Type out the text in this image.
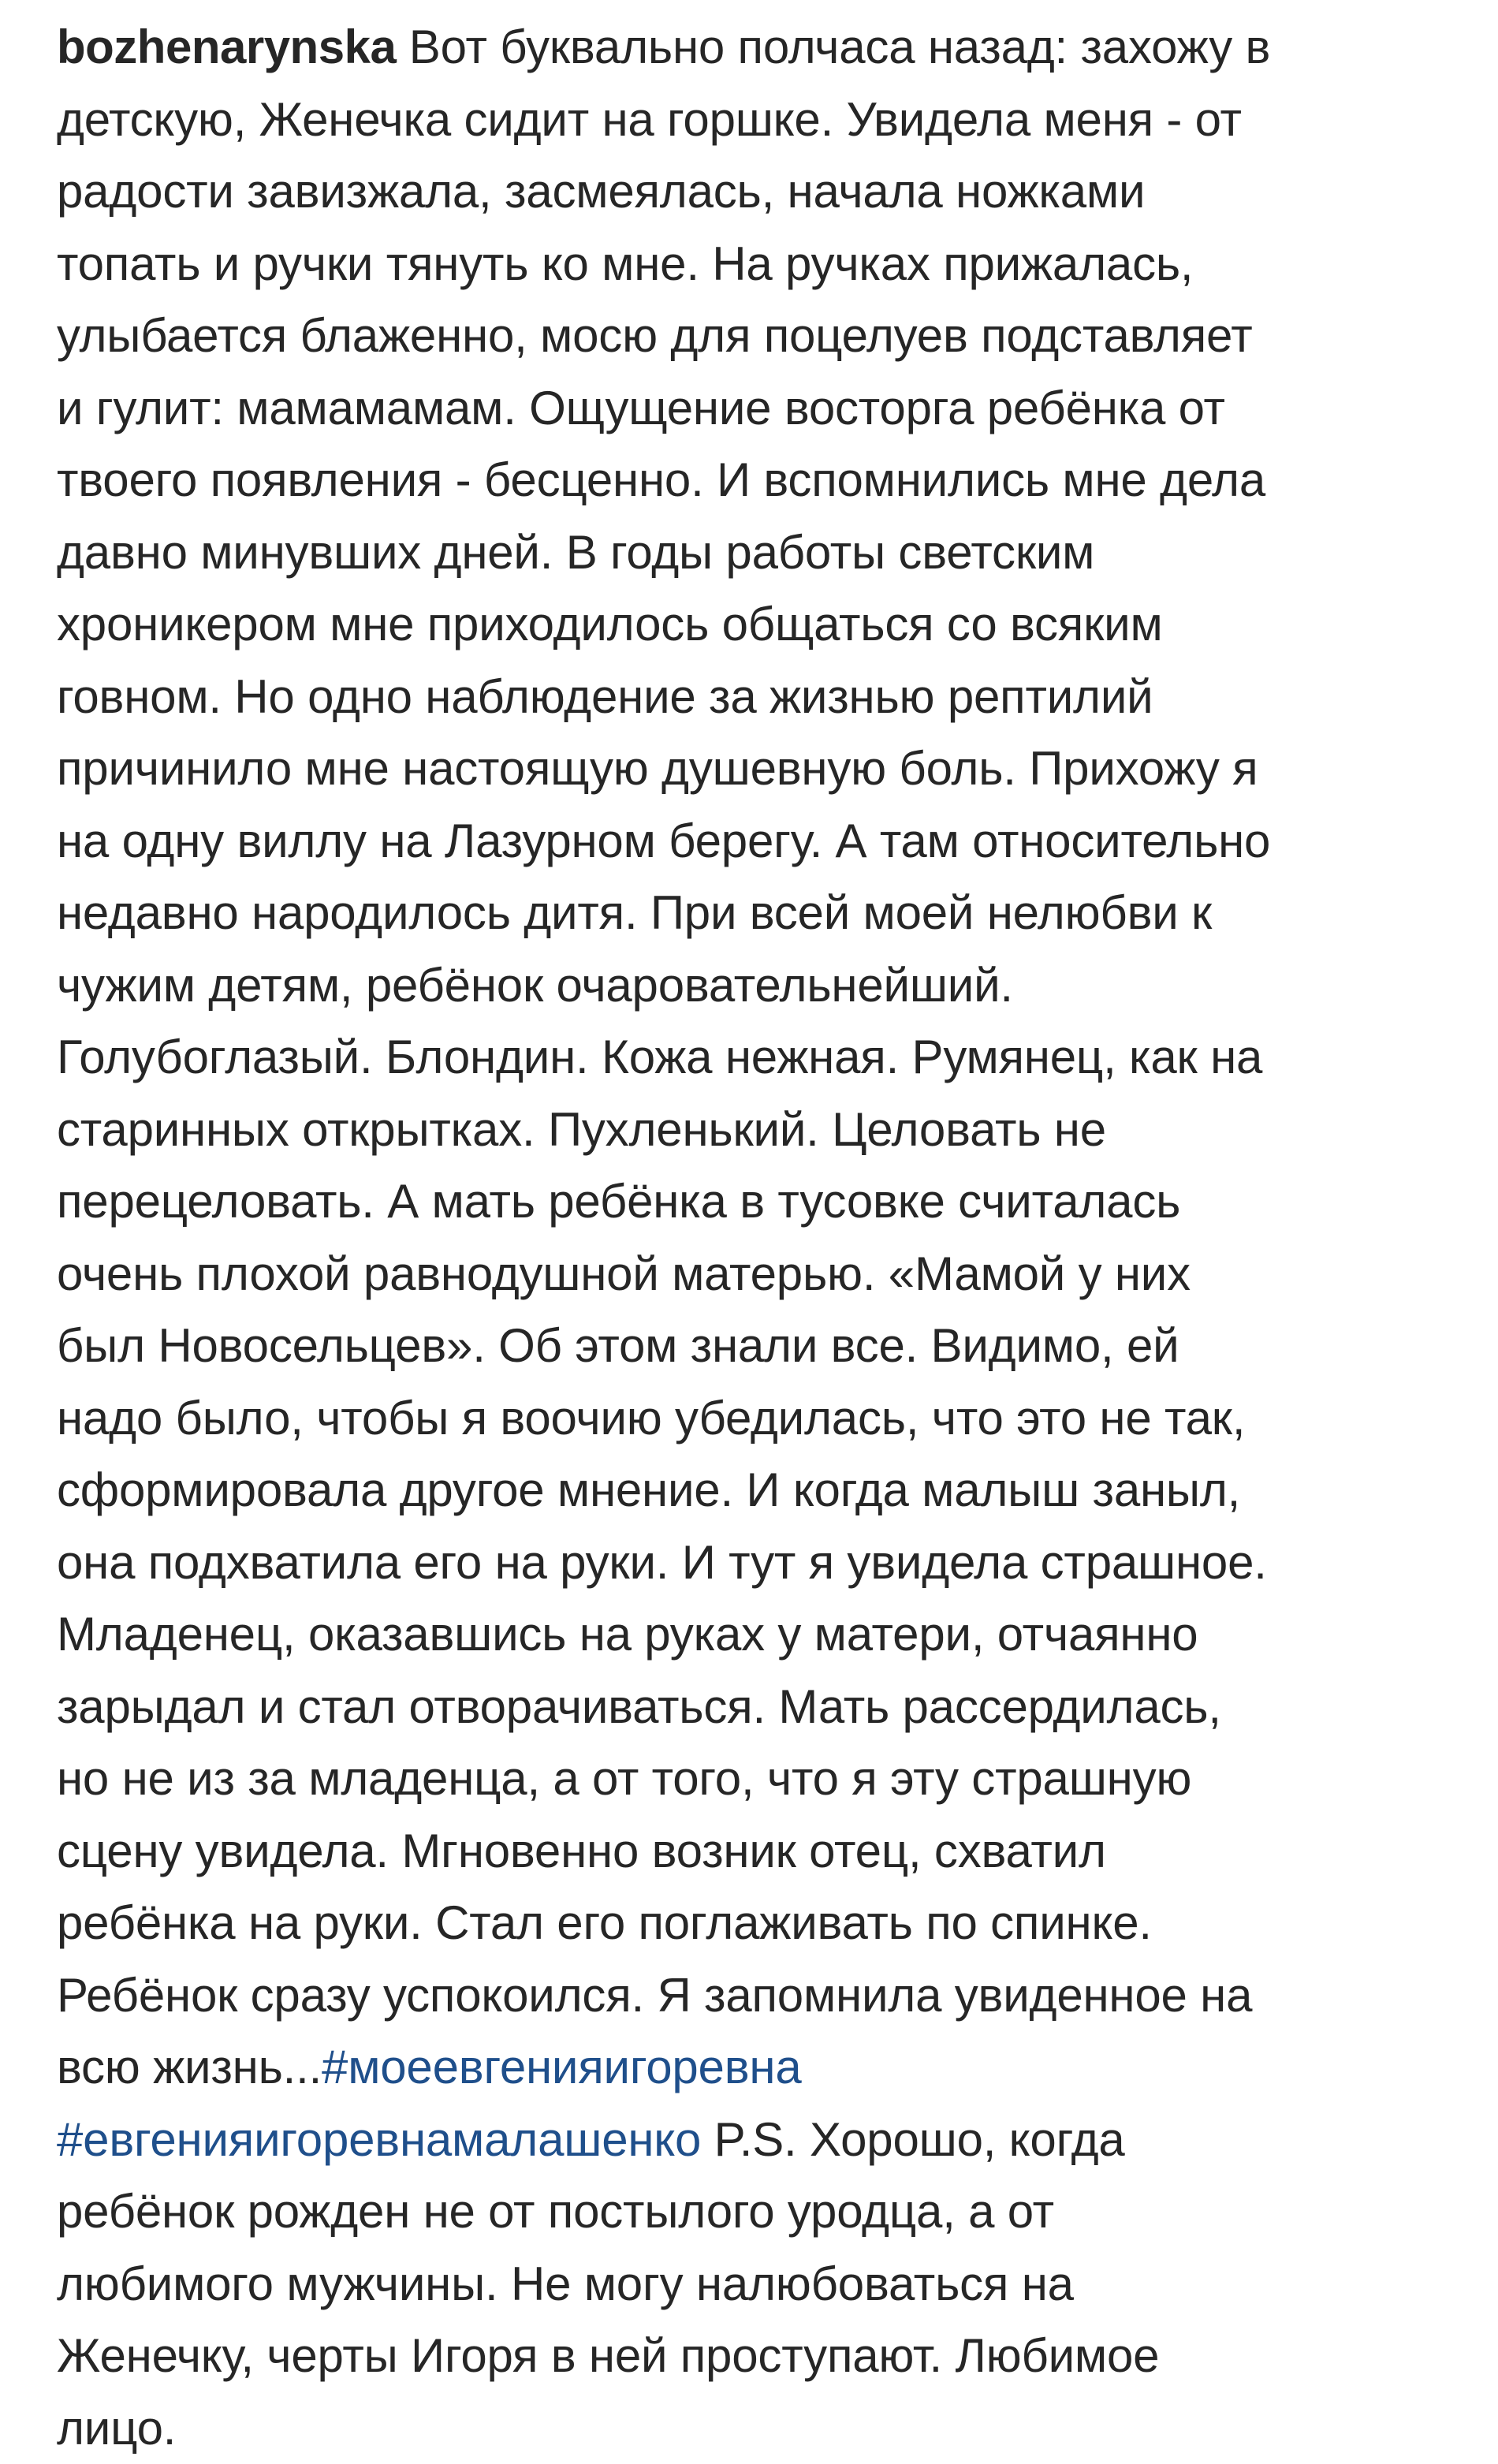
bozhenarynska Вот буквально полчаса назад: захожу в
детскую, Женечка сидит на горшке. Увидела меня - от
радости завизжала, засмеялась, начала ножками
топать и ручки тянуть ко мне. На ручках прижалась,
улыбается блаженно, мосю для поцелуев подставляет
и гулит: мамамамам. Ощущение восторга ребёнка от
твоего появления - бесценно. И вспомнились мне дела
давно минувших дней. В годы работы светским
хроникером мне приходилось общаться со всяким
говном. Но одно наблюдение за жизнью рептилий
причинило мне настоящую душевную боль. Прихожу я
на одну виллу на Лазурном берегу. А там относительно
недавно народилось дитя. При всей моей нелюбви к
чужим детям, ребёнок очаровательнейший.
Голубоглазый. Блондин. Кожа нежная. Румянец, как на
старинных открытках. Пухленький. Целовать не
перецеловать. А мать ребёнка в тусовке считалась
очень плохой равнодушной матерью. «Мамой у них
был Новосельцев». Об этом знали все. Видимо, ей
надо было, чтобы я воочию убедилась, что это не так,
сформировала другое мнение. И когда малыш заныл,
она подхватила его на руки. И тут я увидела страшное.
Младенец, оказавшись на руках у матери, отчаянно
зарыдал и стал отворачиваться. Мать рассердилась,
но не из за младенца, а от того, что я эту страшную
сцену увидела. Мгновенно возник отец, схватил
ребёнка на руки. Стал его поглаживать по спинке.
Ребёнок сразу успокоился. Я запомнила увиденное на
всю жизнь...#моеевгенияигоревна
#евгенияигоревнамалашенко P.S. Хорошо, когда
ребёнок рожден не от постылого уродца, а от
любимого мужчины. Не могу налюбоваться на
Женечку, черты Игоря в ней проступают. Любимое
лицо.
